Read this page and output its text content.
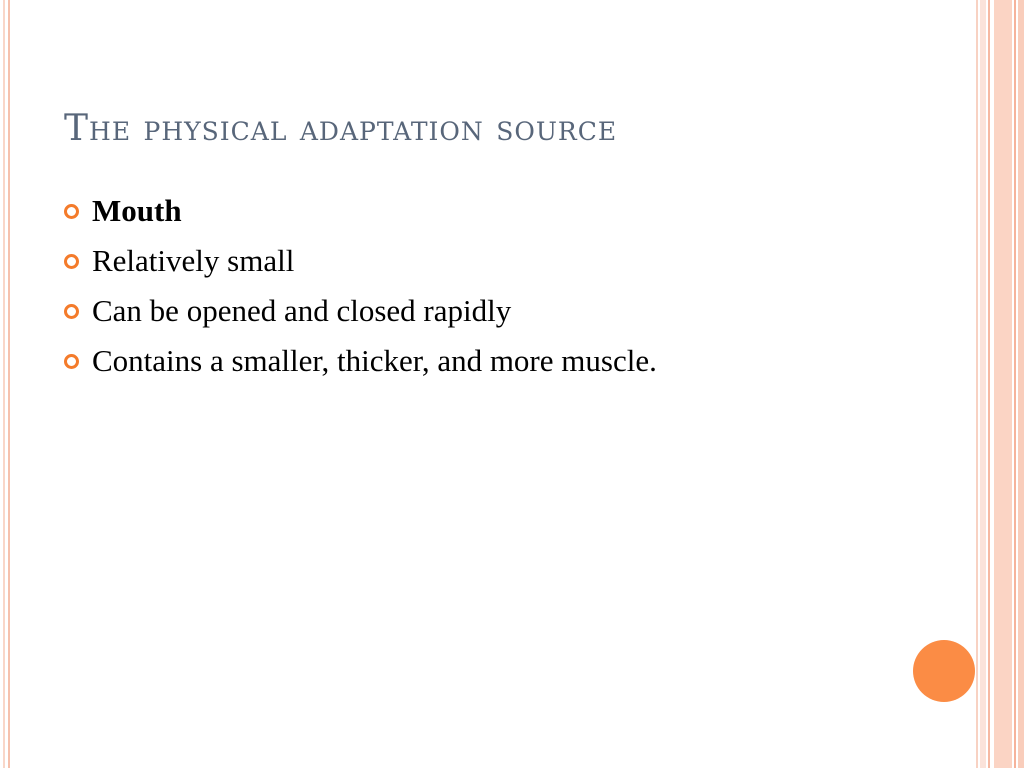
The physical adaptation source
Mouth
Relatively small
Can be opened and closed rapidly
Contains a smaller, thicker, and more muscle.
